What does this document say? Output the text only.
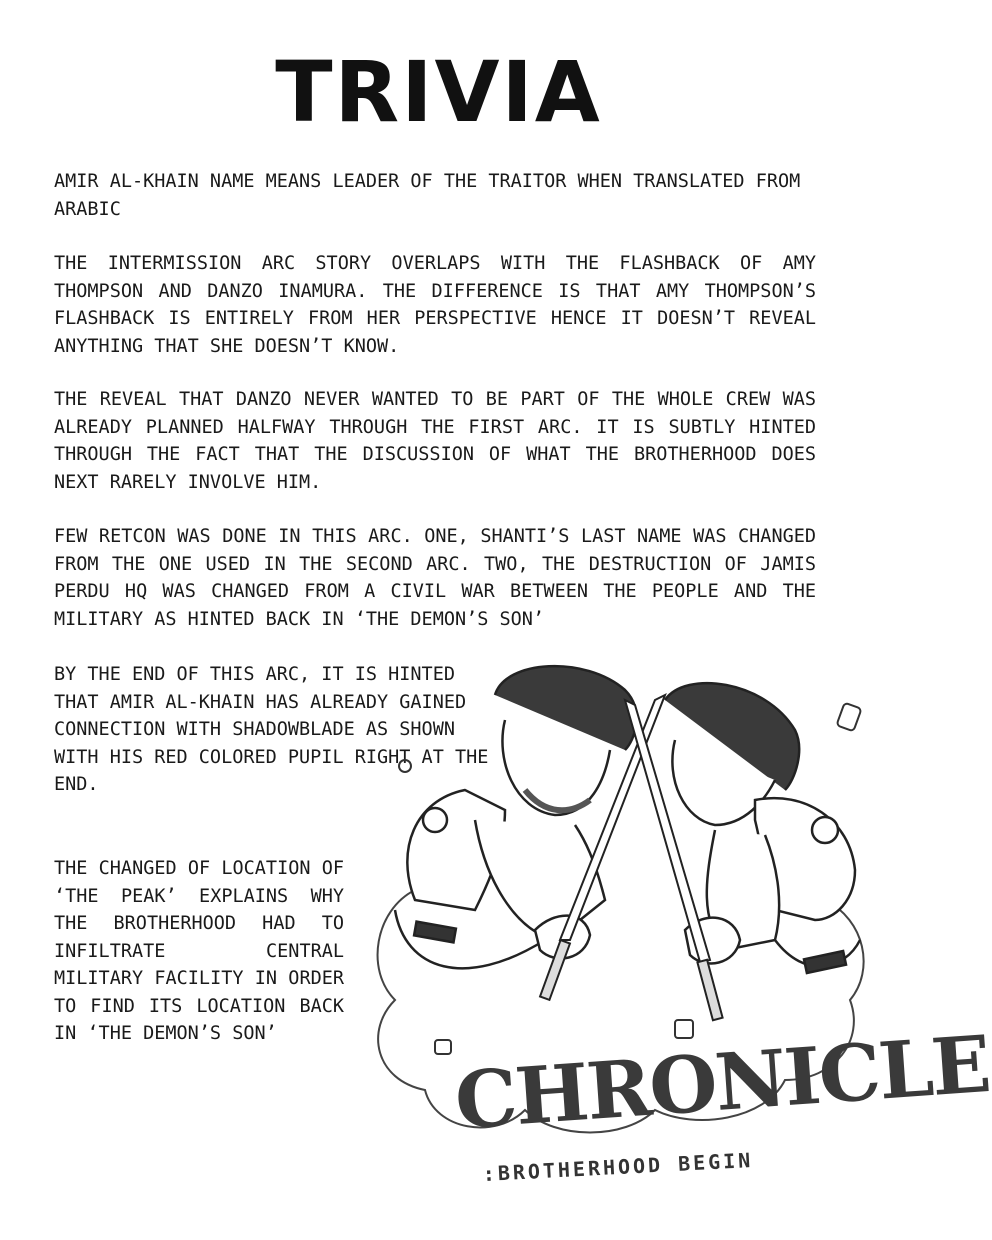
TRIVIA

AMIR AL-KHAIN NAME MEANS LEADER OF THE TRAITOR WHEN TRANSLATED FROM ARABIC

THE INTERMISSION ARC STORY OVERLAPS WITH THE FLASHBACK OF AMY THOMPSON AND DANZO INAMURA. THE DIFFERENCE IS THAT AMY THOMPSON’S FLASHBACK IS ENTIRELY FROM HER PERSPECTIVE HENCE IT DOESN’T REVEAL ANYTHING THAT SHE DOESN’T KNOW.

THE REVEAL THAT DANZO NEVER WANTED TO BE PART OF THE WHOLE CREW WAS ALREADY PLANNED HALFWAY THROUGH THE FIRST ARC. IT IS SUBTLY HINTED THROUGH THE FACT THAT THE DISCUSSION OF WHAT THE BROTHERHOOD DOES NEXT RARELY INVOLVE HIM.

FEW RETCON WAS DONE IN THIS ARC. ONE, SHANTI’S LAST NAME WAS CHANGED FROM THE ONE USED IN THE SECOND ARC. TWO, THE DESTRUCTION OF JAMIS PERDU HQ WAS CHANGED FROM A CIVIL WAR BETWEEN THE PEOPLE AND THE MILITARY AS HINTED BACK IN ‘THE DEMON’S SON’

BY THE END OF THIS ARC, IT IS HINTED THAT AMIR AL-KHAIN HAS ALREADY GAINED CONNECTION WITH SHADOWBLADE AS SHOWN WITH HIS RED COLORED PUPIL RIGHT AT THE END.

THE CHANGED OF LOCATION OF ‘THE PEAK’ EXPLAINS WHY THE BROTHERHOOD HAD TO INFILTRATE CENTRAL MILITARY FACILITY IN ORDER TO FIND ITS LOCATION BACK IN ‘THE DEMON’S SON’	CHRONICLE
:BROTHERHOOD BEGIN
